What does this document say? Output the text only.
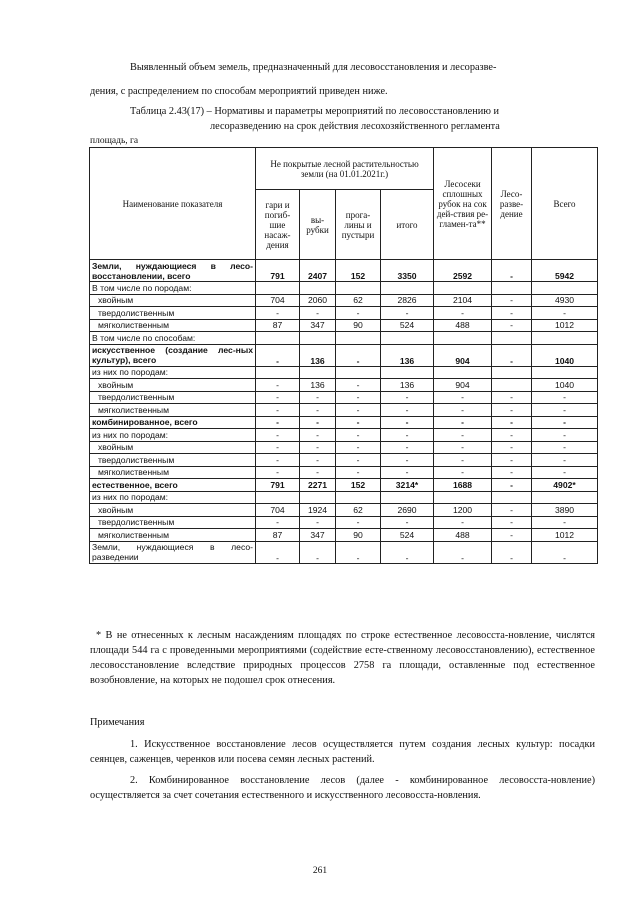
Выявленный объем земель, предназначенный для лесовосстановления и лесоразве-

дения, с распределением по способам мероприятий приведен ниже.

Таблица 2.43(17) – Нормативы и параметры мероприятий по лесовосстановлению и

лесоразведению на срок действия лесохозяйственного регламента

площадь, га

Наименование показателя	Не покрытые лесной растительностью земли (на 01.01.2021г.)				Лесосеки сплошных рубок на сок дей-ствия ре-гламен-та**	Лесо-разве-дение	Всего
	гари и погиб-шие насаж-дения	вы-рубки	прога-лины и пустыри	итого			
Земли, нуждающиеся в лесо-восстановлении, всего	791	2407	152	3350	2592	-	5942
В том числе по породам:							
хвойным	704	2060	62	2826	2104	-	4930
твердолиственным	-	-	-	-	-	-	-
мягколиственным	87	347	90	524	488	-	1012
В том числе по способам:							
искусственное (создание лес-ных культур), всего	-	136	-	136	904	-	1040
из них по породам:							
хвойным	-	136	-	136	904		1040
твердолиственным	-	-	-	-	-	-	-
мягколиственным	-	-	-	-	-	-	-
комбинированное, всего	-	-	-	-	-	-	-
из них по породам:	-	-	-	-	-	-	-
хвойным	-	-	-	-	-	-	-
твердолиственным	-	-	-	-	-	-	-
мягколиственным	-	-	-	-	-	-	-
естественное, всего	791	2271	152	3214*	1688	-	4902*
из них по породам:							
хвойным	704	1924	62	2690	1200	-	3890
твердолиственным	-	-	-	-	-	-	-
мягколиственным	87	347	90	524	488	-	1012
Земли, нуждающиеся в лесо-разведении	-	-	-	-	-	-	-

* В не отнесенных к лесным насаждениям площадях по строке естественное лесовосста-новление, числятся площади 544 га с проведенными мероприятиями (содействие есте-ственному лесовосстановлению), естественное лесовосстановление вследствие природных процессов 2758 га площади, оставленные под естественное возобновление, на которых не подошел срок отнесения.

Примечания

1. Искусственное восстановление лесов осуществляется путем создания лесных культур: посадки сеянцев, саженцев, черенков или посева семян лесных растений.

2. Комбинированное восстановление лесов (далее - комбинированное лесовосста-новление) осуществляется за счет сочетания естественного и искусственного лесовосста-новления.

261
